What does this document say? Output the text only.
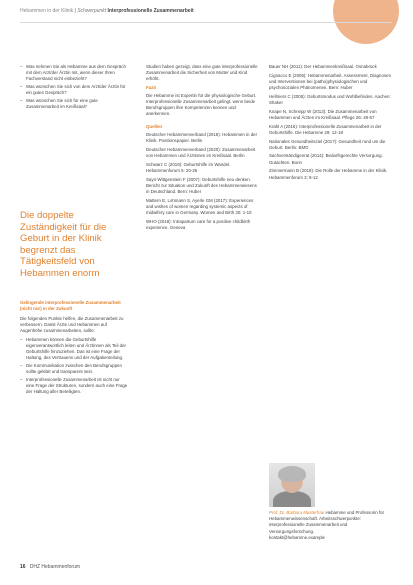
Hebammen in der Klinik | Schwerpunkt Interprofessionelle Zusammenarbeit
– Was nehmen Sie als Hebamme aus dem Gespräch mit dem Arzt/der Ärztin mit, wenn dieser Ihren Fachverstand nicht einbezieht?
– Was wünschen Sie sich von dem Arzt/der Ärztin für ein gutes Gespräch?
– Was wünschen Sie sich für eine gute Zusammenarbeit im Kreißsaal?
Gelingende interprofessionelle Zusammenarbeit (nicht nur) in der Zukunft

Die folgenden Punkte helfen, die Zusammenarbeit zu verbessern. Damit Ärzte und Hebammen auf Augenhöhe zusammenarbeiten, sollte:

– Hebammen können die Geburtshilfe eigenverantwortlich leiten und Ärztinnen als Teil der Geburtshilfe hinzuziehen. Das ist eine Frage der Haltung, des Vertrauens und der Aufgabenteilung.
– Die Kommunikation zwischen den Berufsgruppen sollte geklärt und transparent sein.
– Interprofessionelle Zusammenarbeit ist nicht nur eine Frage der Strukturen, sondern auch eine Frage der Haltung aller Beteiligten.
Die doppelte Zuständigkeit für die Geburt in der Klinik begrenzt das Tätigkeitsfeld von Hebammen enorm

Studien haben gezeigt, dass eine gute interprofessionelle Zusammenarbeit die Sicherheit von Mutter und Kind erhöht.

Fazit

Die Hebamme ist Expertin für die physiologische Geburt. Interprofessionelle Zusammenarbeit gelingt, wenn beide Berufsgruppen ihre Kompetenzen kennen und anerkennen.

Quellen

Deutscher Hebammenverband (2018): Hebammen in der Klinik. Positionspapier. Berlin

Deutscher Hebammenverband (2020): Zusammenarbeit von Hebammen und Ärztinnen im Kreißsaal. Berlin

Schwarz C (2019): Geburtshilfe im Wandel. Hebammenforum 5: 20-25

Sayn-Wittgenstein F (2007): Geburtshilfe neu denken. Bericht zur Situation und Zukunft des Hebammenwesens in Deutschland. Bern: Huber

Mattern E, Lohmann S, Ayerle GM (2017): Experiences and wishes of women regarding systemic aspects of midwifery care in Germany. Women and Birth 30: 1-10

WHO (2018): Intrapartum care for a positive childbirth experience. Geneva

Bauer NH (2011): Der Hebammenkreißsaal. Osnabrück

Cignacco E (2006): Hebammenarbeit. Assessment, Diagnosen und Interventionen bei (patho)physiologischen und psychosozialen Phänomenen. Bern: Huber

Hellmers C (2005): Geburtsmodus und Wohlbefinden. Aachen: Shaker

Knape N, Schnepp W (2013): Die Zusammenarbeit von Hebammen und Ärzten im Kreißsaal. Pflege 26: 49-57

Krahl A (2016): Interprofessionelle Zusammenarbeit in der Geburtshilfe. Die Hebamme 29: 12-18

Nationales Gesundheitsziel (2017): Gesundheit rund um die Geburt. Berlin: BMG

Sachverständigenrat (2014): Bedarfsgerechte Versorgung. Gutachten. Bonn

Zimmermann B (2019): Die Rolle der Hebamme in der Klinik. Hebammenforum 3: 8-12

Prof. Dr. Barbara Musterfrau Hebamme und Professorin für Hebammenwissenschaft. Arbeitsschwerpunkte: interprofessionelle Zusammenarbeit und Versorgungsforschung.
kontakt@hebamme.example
16 DHZ Hebammenforum
